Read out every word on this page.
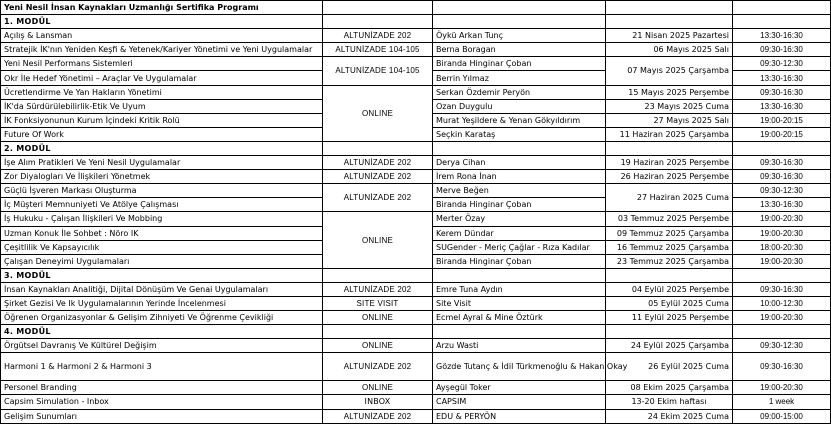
Yeni Nesil İnsan Kaynakları Uzmanlığı Sertifika Programı				
1. MODÜL				
Açılış & Lansman	ALTUNİZADE 202	Öykü Arkan Tunç	21 Nisan 2025 Pazartesi	13:30-16:30
Stratejik İK'nın Yeniden Keşfi & Yetenek/Kariyer Yönetimi ve Yeni Uygulamalar	ALTUNİZADE 104-105	Berna Boragan	06 Mayıs 2025 Salı	09:30-16:30
Yeni Nesil Performans Sistemleri	ALTUNİZADE 104-105	Biranda Hinginar Çoban	07 Mayıs 2025 Çarşamba	09:30-12:30
Okr İle Hedef Yönetimi – Araçlar Ve Uygulamalar		Berrin Yılmaz		13:30-16:30
Ücretlendirme Ve Yan Hakların Yönetimi	ONLINE	Serkan Özdemir Peryön	15 Mayıs 2025 Perşembe	09:30-16:30
İK'da Sürdürülebilirlik-Etik Ve Uyum		Ozan Duygulu	23 Mayıs 2025 Cuma	13:30-16:30
İK Fonksiyonunun Kurum İçindeki Kritik Rolü		Murat Yeşildere & Yenan Gökyıldırım	27 Mayıs 2025 Salı	19:00-20:15
Future Of Work		Seçkin Karataş	11 Haziran 2025 Çarşamba	19:00-20:15
2. MODÜL				
İşe Alım Pratikleri Ve Yeni Nesil Uygulamalar	ALTUNİZADE 202	Derya Cihan	19 Haziran 2025 Perşembe	09:30-16:30
Zor Diyalogları Ve İlişkileri Yönetmek	ALTUNİZADE 202	İrem Rona İnan	26 Haziran 2025 Perşembe	09:30-16:30
Güçlü İşveren Markası Oluşturma	ALTUNİZADE 202	Merve Beğen	27 Haziran 2025 Cuma	09:30-12:30
İç Müşteri Memnuniyeti Ve Atölye Çalışması		Biranda Hinginar Çoban		13:30-16:30
İş Hukuku - Çalışan İlişkileri Ve Mobbing	ONLINE	Merter Özay	03 Temmuz 2025 Perşembe	19:00-20:30
Uzman Konuk İle Sohbet : Nöro IK		Kerem Dündar	09 Temmuz 2025 Çarşamba	19:00-20:30
Çeşitlilik Ve Kapsayıcılık		SUGender - Meriç Çağlar - Rıza Kadılar	16 Temmuz 2025 Çarşamba	18:00-20:30
Çalışan Deneyimi Uygulamaları		Biranda Hinginar Çoban	23 Temmuz 2025 Çarşamba	19:00-20:30
3. MODÜL				
İnsan Kaynakları Analitiği, Dijital Dönüşüm Ve Genai Uygulamaları	ALTUNİZADE 202	Emre Tuna Aydın	04 Eylül 2025 Perşembe	09:30-16:30
Şirket Gezisi Ve Ik Uygulamalarının Yerinde İncelenmesi	SITE VISIT	Site Visit	05 Eylül 2025 Cuma	10:00-12:30
Öğrenen Organizasyonlar & Gelişim Zihniyeti Ve Öğrenme Çevikliği	ONLINE	Ecmel Ayral & Mine Öztürk	11 Eylül 2025 Perşembe	19:00-20:30
4. MODÜL				
Örgütsel Davranış Ve Kültürel Değişim	ONLINE	Arzu Wasti	24 Eylül 2025 Çarşamba	09:30-12:30
Harmoni 1 & Harmoni 2 & Harmoni 3	ALTUNİZADE 202	Gözde Tutanç & İdil Türkmenoğlu & Hakan Okay	26 Eylül 2025 Cuma	09:30-16:30
Personel Branding	ONLINE	Ayşegül Toker	08 Ekim 2025 Çarşamba	19:00-20:30
Capsim Simulation - Inbox	INBOX	CAPSIM	13-20 Ekim haftası	1 week
Gelişim Sunumları	ALTUNİZADE 202	EDU & PERYÖN	24 Ekim 2025 Cuma	09:00-15:00
